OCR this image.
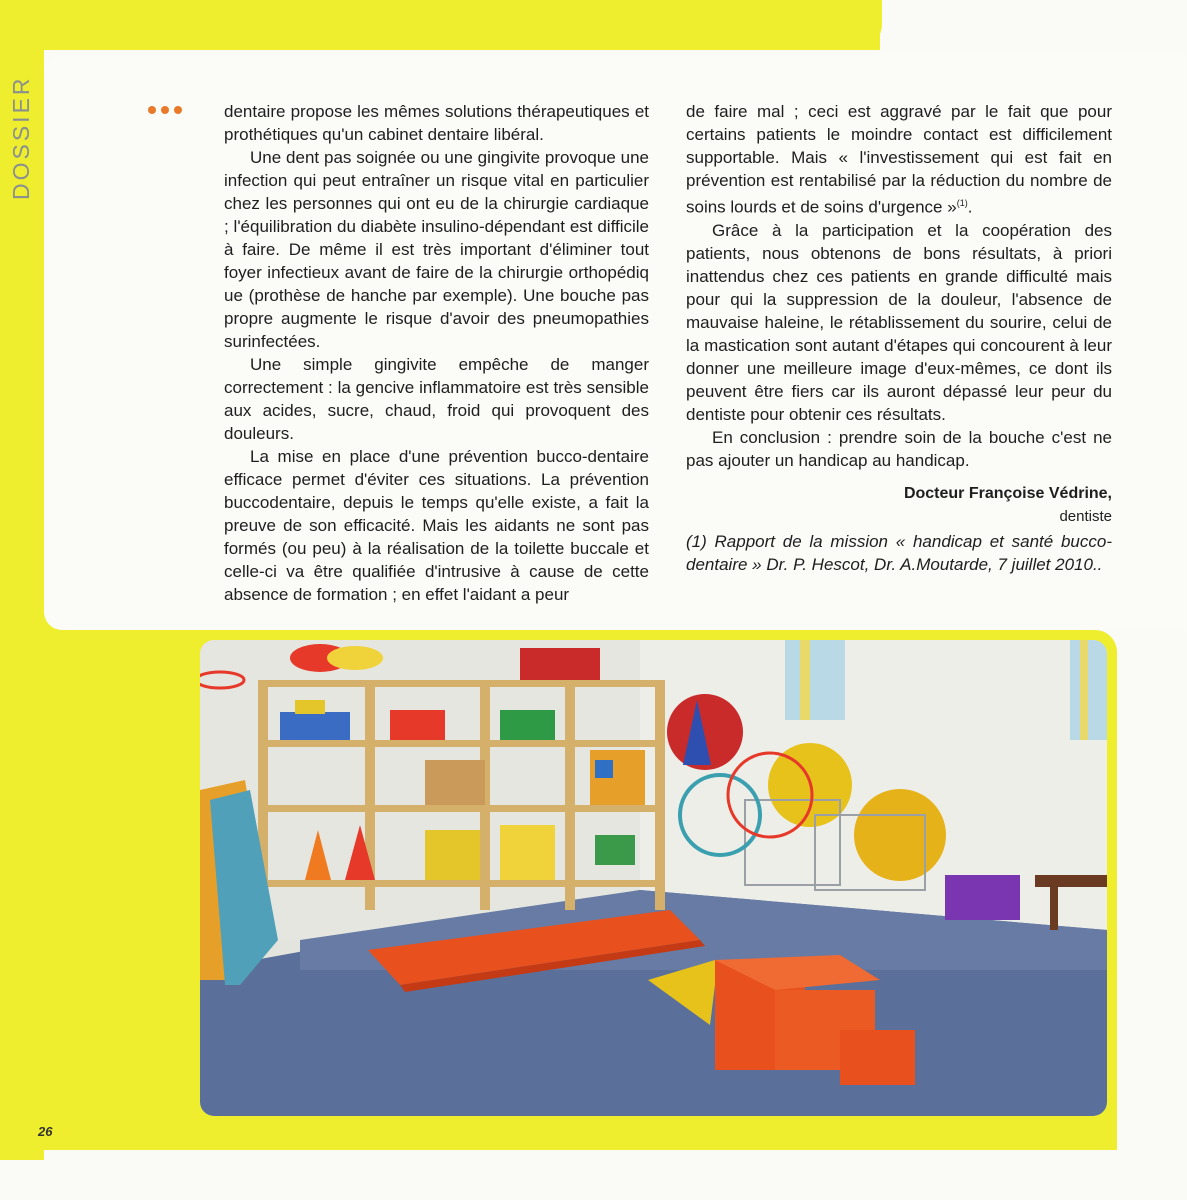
DOSSIER	dentaire propose les mêmes solutions thérapeutiques et prothétiques qu'un cabinet dentaire libéral.

Une dent pas soignée ou une gingivite provoque une infection qui peut entraîner un risque vital en particulier chez les personnes qui ont eu de la chirurgie cardiaque ; l'équilibration du diabète insulino-dépendant est difficile à faire. De même il est très important d'éliminer tout foyer infectieux avant de faire de la chirurgie orthopédiq ue (prothèse de hanche par exemple). Une bouche pas propre augmente le risque d'avoir des pneumopathies surinfectées.

Une simple gingivite empêche de manger correctement : la gencive inflammatoire est très sensible aux acides, sucre, chaud, froid qui provoquent des douleurs.

La mise en place d'une prévention bucco-dentaire efficace permet d'éviter ces situations. La prévention buccodentaire, depuis le temps qu'elle existe, a fait la preuve de son efficacité. Mais les aidants ne sont pas formés (ou peu) à la réalisation de la toilette buccale et celle-ci va être qualifiée d'intrusive à cause de cette absence de formation ; en effet l'aidant a peur

de faire mal ; ceci est aggravé par le fait que pour certains patients le moindre contact est difficilement supportable. Mais « l'investissement qui est fait en prévention est rentabilisé par la réduction du nombre de soins lourds et de soins d'urgence »$^{(1)}$.

Grâce à la participation et la coopération des patients, nous obtenons de bons résultats, à priori inattendus chez ces patients en grande difficulté mais pour qui la suppression de la douleur, l'absence de mauvaise haleine, le rétablissement du sourire, celui de la mastication sont autant d'étapes qui concourent à leur donner une meilleure image d'eux-mêmes, ce dont ils peuvent être fiers car ils auront dépassé leur peur du dentiste pour obtenir ces résultats.

En conclusion : prendre soin de la bouche c'est ne pas ajouter un handicap au handicap.

Docteur Françoise Védrine,

dentiste

(1) Rapport de la mission « handicap et santé bucco-dentaire » Dr. P. Hescot, Dr. A.Moutarde, 7 juillet 2010..

26
